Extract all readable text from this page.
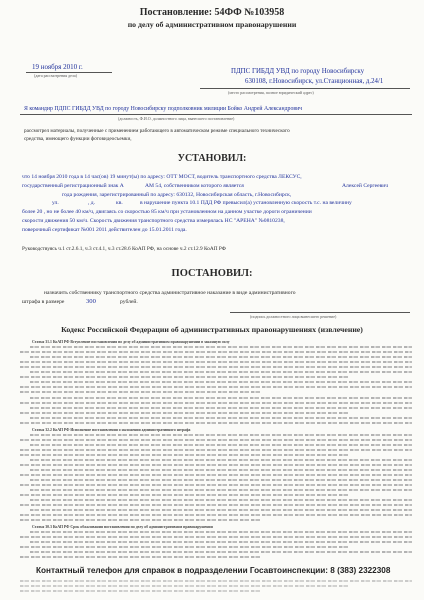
Постановление: 54ФФ №103958
по делу об административном правонарушении
19 ноября 2010 г.
(дата рассмотрения дела)
ПДПС ГИБДД УВД по городу Новосибирску
630108, г.Новосибирск, ул.Станционная, д.24/1
(место рассмотрения, полное юридический адрес)
Я командир ПДПС ГИБДД УВД по городу Новосибирску подполковник милиции Бойко Андрей Александрович
(должность, Ф.И.О. должностного лица, вынесшего постановление)
рассмотрел материалы, полученные с применением работающего в автоматическом режиме специального технического
средства, имеющего функции фотовидеосъемки,
УСТАНОВИЛ:
что 14 ноября 2010 года в 14 час(ов) 19 минут(ы) по адресу: ОТТ МОСТ, водитель транспортного средства ЛЕКСУС,
государственный регистрационный знак А	АМ 54, собственником которого является	Алексей Сергеевич
года рождения, зарегистрированный по адресу: 630132, Новосибирская область, г.Новосибирск,
ул.	, д.	кв.	в нарушение пункта 10.1 ПДД РФ превысил(а) установленную скорость т.с. на величину
более 20 , но не более 40 км/ч, двигаясь со скоростью 85 км/ч при установленном на данном участке дороги ограничении
скорости движения 50 км/ч. Скорость движения транспортного средства измерялась НС "АРЕНА" №0810238,
поверочный сертификат №001 2011 действителен до 15.01.2011 года.
Руководствуясь ч.1 ст.2.6.1, ч.3 ст.4.1, ч.3 ст.28.6 КоАП РФ, на основе ч.2 ст.12.9 КоАП РФ
ПОСТАНОВИЛ:
назначить собственнику транспортного средства административное наказание в виде административного
штрафа в размере	300	рублей.
(подпись должностного лица вынесшего решение)
Кодекс Российской Федерации об административных правонарушениях (извлечение)
Статья 31.1 КоАП РФ Вступление постановления по делу об административном правонарушении в законную силу
Статья 32.2 КоАП РФ Исполнение постановления о наложении административного штрафа
Статья 30.3 КоАП РФ Срок обжалования постановления по делу об административном правонарушении
Контактный телефон для справок в подразделении Госавтоинспекции: 8 (383) 2322308
